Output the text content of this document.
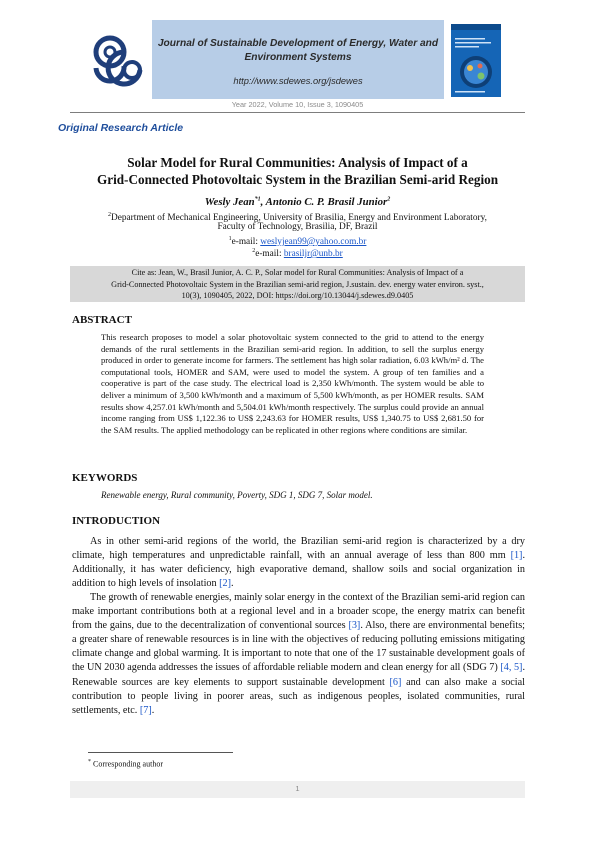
Journal of Sustainable Development of Energy, Water and
Environment Systems
http://www.sdewes.org/jsdewes
Year 2022, Volume 10, Issue 3, 1090405
Original Research Article
Solar Model for Rural Communities: Analysis of Impact of a
Grid-Connected Photovoltaic System in the Brazilian Semi-arid Region
Wesly Jean$^{*1}$, Antonio C. P. Brasil Junior$^2$
$^2$Department of Mechanical Engineering, University of Brasilia, Energy and Environment Laboratory,
Faculty of Technology, Brasilia, DF, Brazil
$^1$e-mail: weslyjean99@yahoo.com.br
$^2$e-mail: brasiljr@unb.br
Cite as: Jean, W., Brasil Junior, A. C. P., Solar model for Rural Communities: Analysis of Impact of a
Grid-Connected Photovoltaic System in the Brazilian semi-arid region, J.sustain. dev. energy water environ. syst.,
10(3), 1090405, 2022, DOI: https://doi.org/10.13044/j.sdewes.d9.0405
ABSTRACT
This research proposes to model a solar photovoltaic system connected to the grid to attend to the energy demands of the rural settlements in the Brazilian semi-arid region. In addition, to sell the surplus energy produced in order to generate income for farmers. The settlement has high solar radiation, 6.03 kWh/m² d. The computational tools, HOMER and SAM, were used to model the system. A group of ten families and a cooperative is part of the case study. The electrical load is 2,350 kWh/month. The system would be able to deliver a minimum of 3,500 kWh/month and a maximum of 5,500 kWh/month, as per HOMER results. SAM results show 4,257.01 kWh/month and 5,504.01 kWh/month respectively. The surplus could provide an annual income ranging from US$ 1,122.36 to US$ 2,243.63 for HOMER results, US$ 1,340.75 to US$ 2,681.50 for the SAM results. The applied methodology can be replicated in other regions where conditions are similar.
KEYWORDS
Renewable energy, Rural community, Poverty, SDG 1, SDG 7, Solar model.
INTRODUCTION
As in other semi-arid regions of the world, the Brazilian semi-arid region is characterized by a dry climate, high temperatures and unpredictable rainfall, with an annual average of less than 800 mm [1]. Additionally, it has water deficiency, high evaporative demand, shallow soils and social organization in addition to high levels of insolation [2].
The growth of renewable energies, mainly solar energy in the context of the Brazilian semi-arid region can make important contributions both at a regional level and in a broader scope, the energy matrix can benefit from the gains, due to the decentralization of conventional sources [3]. Also, there are environmental benefits; a greater share of renewable resources is in line with the objectives of reducing polluting emissions mitigating climate change and global warming. It is important to note that one of the 17 sustainable development goals of the UN 2030 agenda addresses the issues of affordable reliable modern and clean energy for all (SDG 7) [4, 5]. Renewable sources are key elements to support sustainable development [6] and can also make a social contribution to people living in poorer areas, such as indigenous peoples, isolated communities, rural settlements, etc. [7].
* Corresponding author
1
